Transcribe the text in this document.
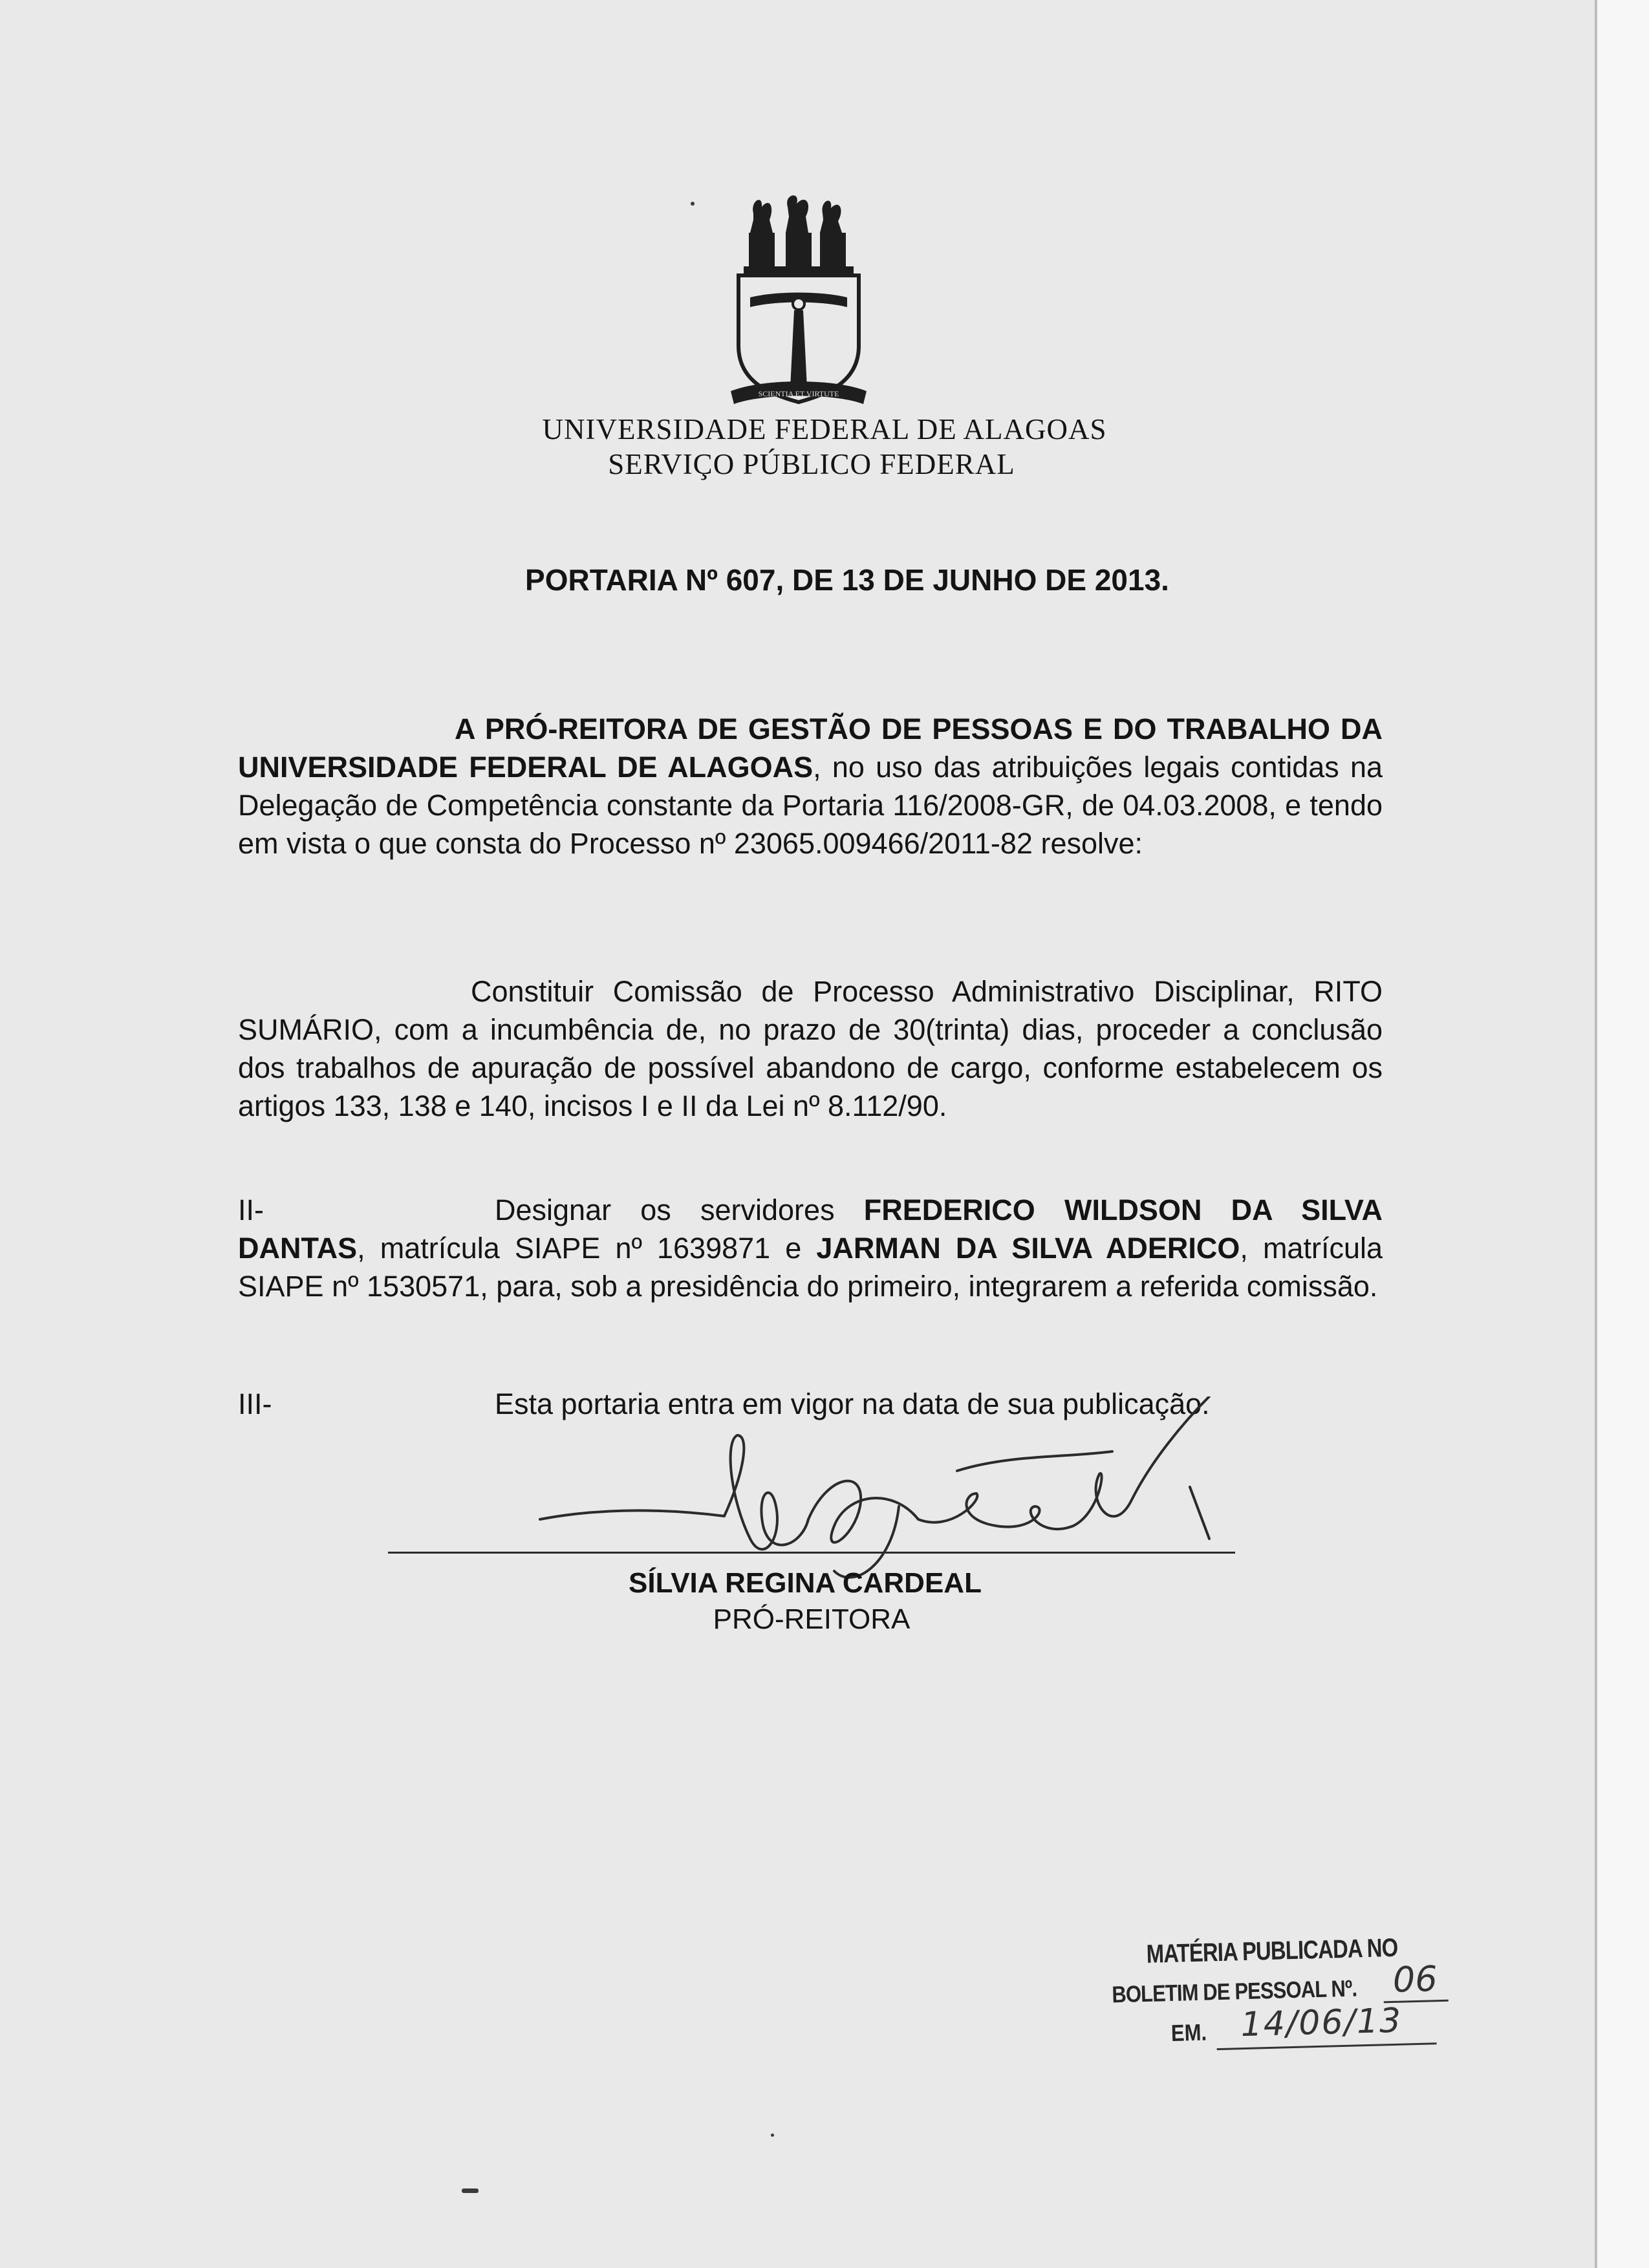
SCIENTIA ET VIRTUTE
UNIVERSIDADE FEDERAL DE ALAGOAS
SERVIÇO PÚBLICO FEDERAL
PORTARIA Nº 607, DE 13 DE JUNHO DE 2013.
A PRÓ-REITORA DE GESTÃO DE PESSOAS E DO TRABALHO DA UNIVERSIDADE FEDERAL DE ALAGOAS, no uso das atribuições legais contidas na Delegação de Competência constante da Portaria 116/2008-GR, de 04.03.2008, e tendo em vista o que consta do Processo nº 23065.009466/2011-82 resolve:
Constituir Comissão de Processo Administrativo Disciplinar, RITO SUMÁRIO, com a incumbência de, no prazo de 30(trinta) dias, proceder a conclusão dos trabalhos de apuração de possível abandono de cargo, conforme estabelecem os artigos 133, 138 e 140, incisos I e II da Lei nº 8.112/90.
II-	Designar os servidores FREDERICO WILDSON DA SILVA DANTAS, matrícula SIAPE nº 1639871 e JARMAN DA SILVA ADERICO, matrícula SIAPE nº 1530571, para, sob a presidência do primeiro, integrarem a referida comissão.
III-	Esta portaria entra em vigor na data de sua publicação.
SÍLVIA REGINA CARDEAL
PRÓ-REITORA
MATÉRIA PUBLICADA NO
BOLETIM DE PESSOAL Nº.
EM.
06
14/06/13
